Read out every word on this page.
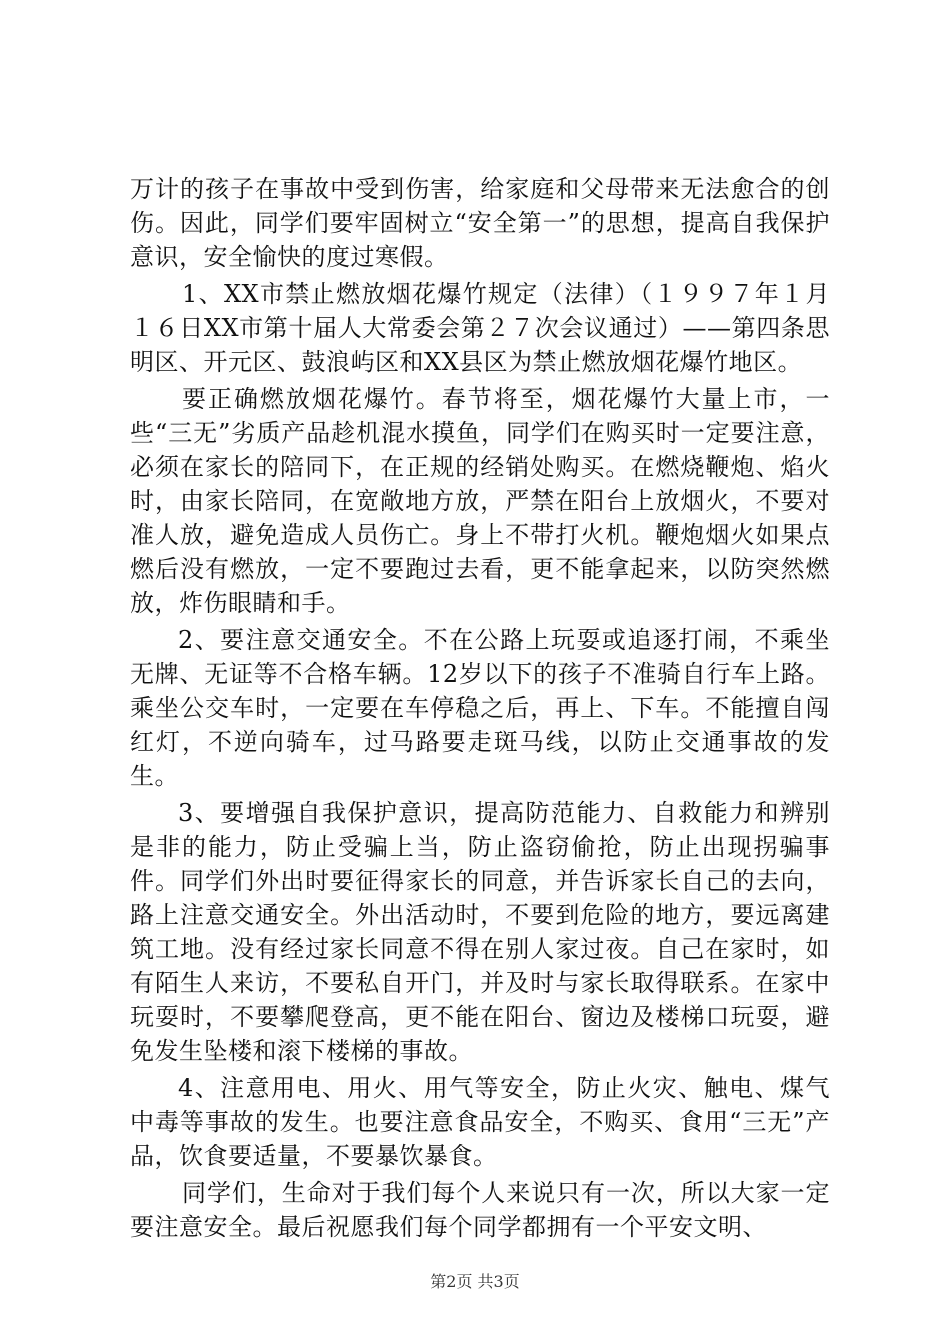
万计的孩子在事故中受到伤害，给家庭和父母带来无法愈合的创伤。因此，同学们要牢固树立“安全第一”的思想，提高自我保护意识，安全愉快的度过寒假。

1、XX市禁止燃放烟花爆竹规定（法律）（１９９７年１月１６日XX市第十届人大常委会第２７次会议通过）——第四条思明区、开元区、鼓浪屿区和XX县区为禁止燃放烟花爆竹地区。

要正确燃放烟花爆竹。春节将至，烟花爆竹大量上市，一些“三无”劣质产品趁机混水摸鱼，同学们在购买时一定要注意，必须在家长的陪同下，在正规的经销处购买。在燃烧鞭炮、焰火时，由家长陪同，在宽敞地方放，严禁在阳台上放烟火，不要对准人放，避免造成人员伤亡。身上不带打火机。鞭炮烟火如果点燃后没有燃放，一定不要跑过去看，更不能拿起来，以防突然燃放，炸伤眼睛和手。

2、要注意交通安全。不在公路上玩耍或追逐打闹，不乘坐无牌、无证等不合格车辆。12岁以下的孩子不准骑自行车上路。乘坐公交车时，一定要在车停稳之后，再上、下车。不能擅自闯红灯，不逆向骑车，过马路要走斑马线，以防止交通事故的发生。

3、要增强自我保护意识，提高防范能力、自救能力和辨别是非的能力，防止受骗上当，防止盗窃偷抢，防止出现拐骗事件。同学们外出时要征得家长的同意，并告诉家长自己的去向，路上注意交通安全。外出活动时，不要到危险的地方，要远离建筑工地。没有经过家长同意不得在别人家过夜。自己在家时，如有陌生人来访，不要私自开门，并及时与家长取得联系。在家中玩耍时，不要攀爬登高，更不能在阳台、窗边及楼梯口玩耍，避免发生坠楼和滚下楼梯的事故。

4、注意用电、用火、用气等安全，防止火灾、触电、煤气中毒等事故的发生。也要注意食品安全，不购买、食用“三无”产品，饮食要适量，不要暴饮暴食。

同学们，生命对于我们每个人来说只有一次，所以大家一定要注意安全。最后祝愿我们每个同学都拥有一个平安文明、

第2页 共3页
